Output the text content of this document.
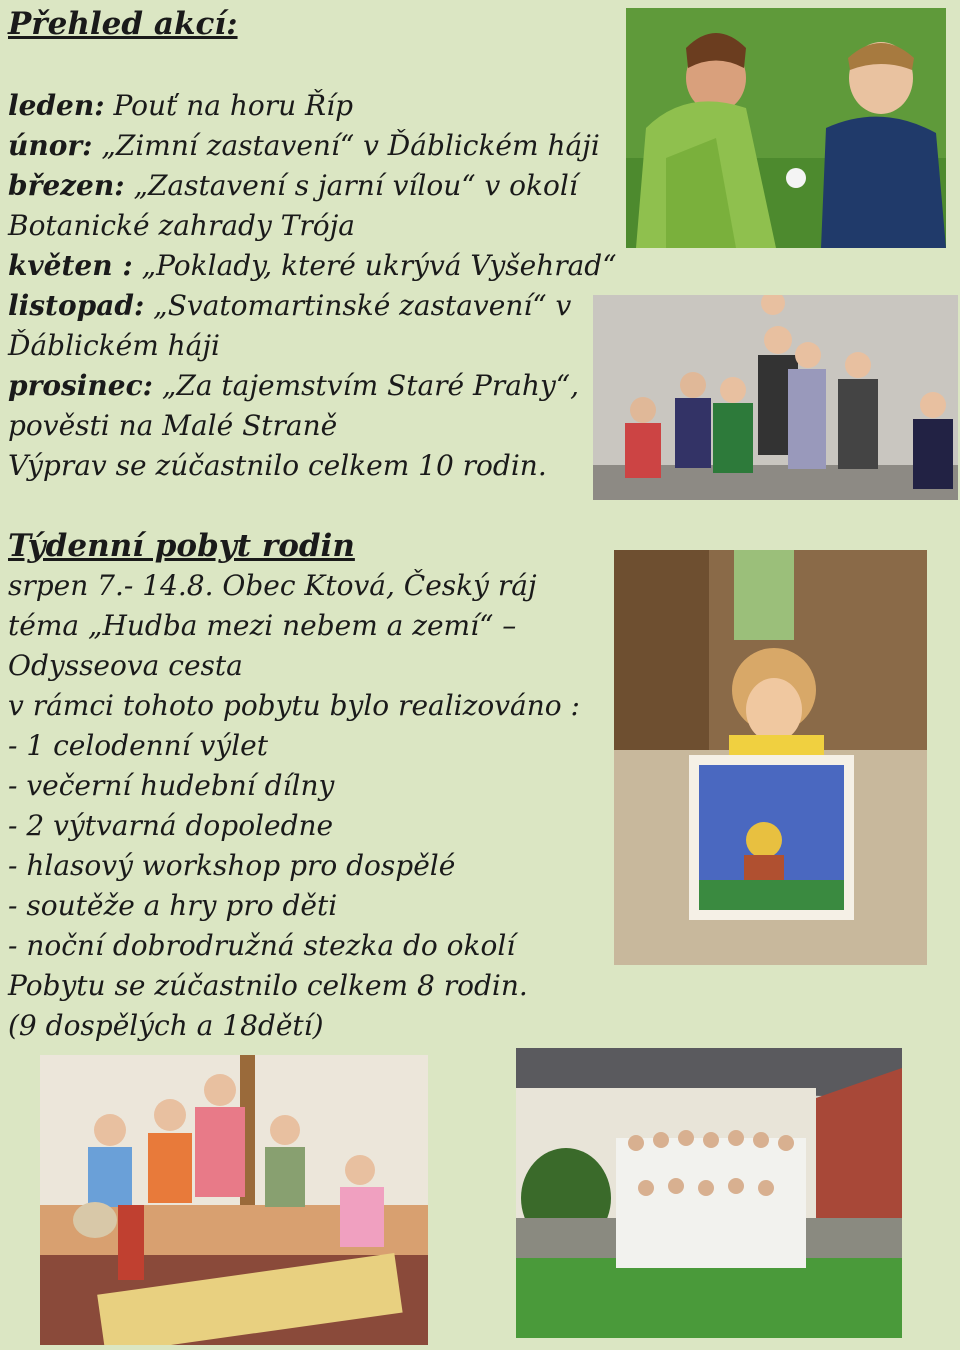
Přehled akcí:
leden: Pouť na horu Říp
únor: „Zimní zastavení“ v Ďáblickém háji
březen: „Zastavení s jarní vílou“ v okolí
Botanické zahrady Trója
květen : „Poklady, které ukrývá Vyšehrad“
listopad: „Svatomartinské zastavení“ v
Ďáblickém háji
prosinec: „Za tajemstvím Staré Prahy“,
pověsti na Malé Straně
Výprav se zúčastnilo celkem 10 rodin.
Týdenní pobyt rodin
srpen 7.- 14.8. Obec Ktová, Český ráj
téma „Hudba mezi nebem a zemí“ –
Odysseova cesta
v rámci tohoto pobytu bylo realizováno :
- 1 celodenní výlet
- večerní hudební dílny
- 2 výtvarná dopoledne
- hlasový workshop pro dospělé
- soutěže a hry pro děti
- noční dobrodružná stezka do okolí
Pobytu se zúčastnilo celkem 8 rodin.
(9 dospělých a 18dětí)
